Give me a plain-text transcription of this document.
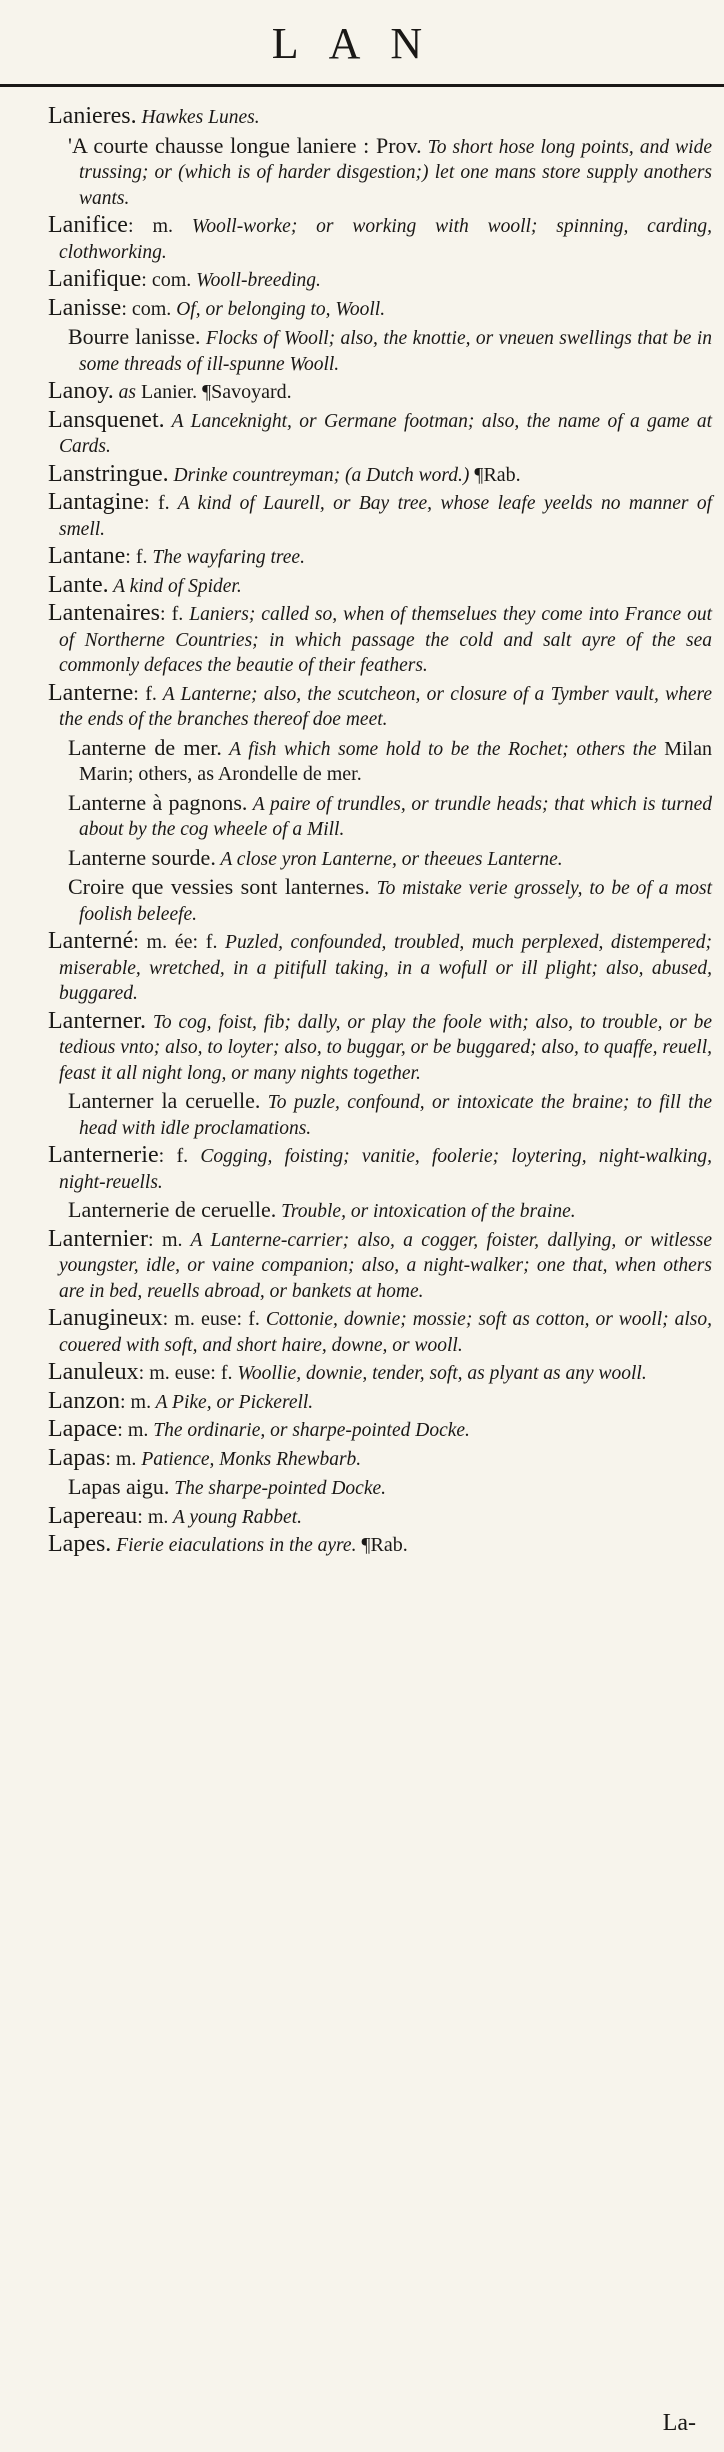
LAN

Lanieres. Hawkes Lunes.

'A courte chausse longue laniere : Prov. To short hose long points, and wide trussing; or (which is of harder disgestion;) let one mans store supply anothers wants.

Lanifice: m. Wooll-worke; or working with wooll; spinning, carding, clothworking.

Lanifique: com. Wooll-breeding.

Lanisse: com. Of, or belonging to, Wooll.

Bourre lanisse. Flocks of Wooll; also, the knottie, or vneuen swellings that be in some threads of ill-spunne Wooll.

Lanoy. as Lanier. ¶Savoyard.

Lansquenet. A Lanceknight, or Germane footman; also, the name of a game at Cards.

Lanstringue. Drinke countreyman; (a Dutch word.) ¶Rab.

Lantagine: f. A kind of Laurell, or Bay tree, whose leafe yeelds no manner of smell.

Lantane: f. The wayfaring tree.

Lante. A kind of Spider.

Lantenaires: f. Laniers; called so, when of themselues they come into France out of Northerne Countries; in which passage the cold and salt ayre of the sea commonly defaces the beautie of their feathers.

Lanterne: f. A Lanterne; also, the scutcheon, or closure of a Tymber vault, where the ends of the branches thereof doe meet.

Lanterne de mer. A fish which some hold to be the Rochet; others the Milan Marin; others, as Arondelle de mer.

Lanterne à pagnons. A paire of trundles, or trundle heads; that which is turned about by the cog wheele of a Mill.

Lanterne sourde. A close yron Lanterne, or theeues Lanterne.

Croire que vessies sont lanternes. To mistake verie grossely, to be of a most foolish beleefe.

Lanterné: m. ée: f. Puzled, confounded, troubled, much perplexed, distempered; miserable, wretched, in a pitifull taking, in a wofull or ill plight; also, abused, buggared.

Lanterner. To cog, foist, fib; dally, or play the foole with; also, to trouble, or be tedious vnto; also, to loyter; also, to buggar, or be buggared; also, to quaffe, reuell, feast it all night long, or many nights together.

Lanterner la ceruelle. To puzle, confound, or intoxicate the braine; to fill the head with idle proclamations.

Lanternerie: f. Cogging, foisting; vanitie, foolerie; loytering, night-walking, night-reuells.

Lanternerie de ceruelle. Trouble, or intoxication of the braine.

Lanternier: m. A Lanterne-carrier; also, a cogger, foister, dallying, or witlesse youngster, idle, or vaine companion; also, a night-walker; one that, when others are in bed, reuells abroad, or bankets at home.

Lanugineux: m. euse: f. Cottonie, downie; mossie; soft as cotton, or wooll; also, couered with soft, and short haire, downe, or wooll.

Lanuleux: m. euse: f. Woollie, downie, tender, soft, as plyant as any wooll.

Lanzon: m. A Pike, or Pickerell.

Lapace: m. The ordinarie, or sharpe-pointed Docke.

Lapas: m. Patience, Monks Rhewbarb.

Lapas aigu. The sharpe-pointed Docke.

Lapereau: m. A young Rabbet.

Lapes. Fierie eiaculations in the ayre. ¶Rab.

La-
